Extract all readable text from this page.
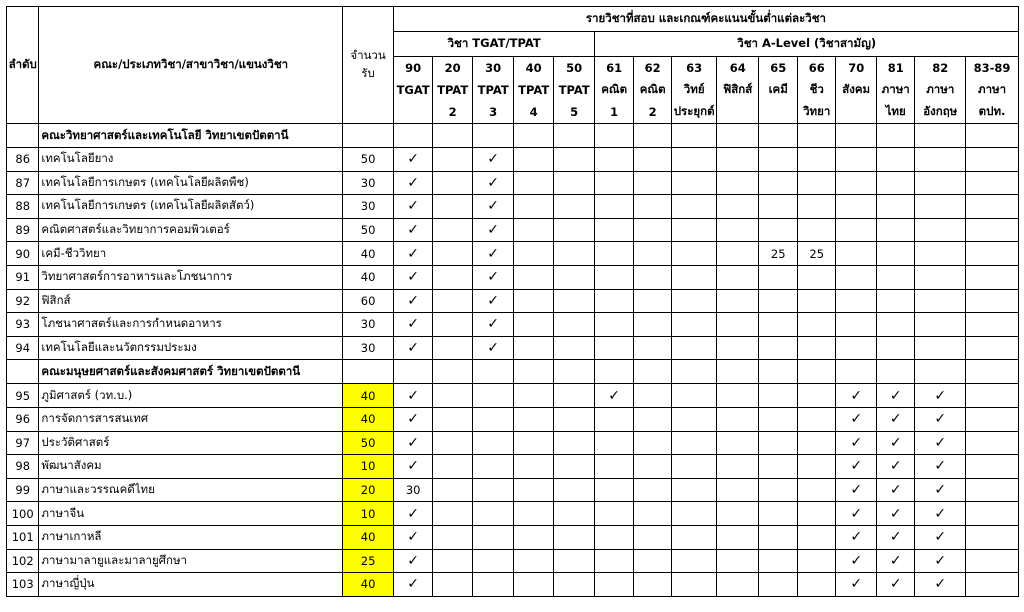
ลำดับ	คณะ/ประเภทวิชา/สาขาวิชา/แขนงวิชา	จำนวน
รับ	รายวิชาที่สอบ และเกณฑ์คะแนนขั้นต่ำแต่ละวิชา														
			วิชา TGAT/TPAT					วิชา A-Level (วิชาสามัญ)									
			90	20	30	40	50	61	62	63	64	65	66	70	81	82	83-89
			TGAT	TPAT	TPAT	TPAT	TPAT	คณิต	คณิต	วิทย์	ฟิสิกส์	เคมี	ชีว	สังคม	ภาษา	ภาษา	ภาษา
				2	3	4	5	1	2	ประยุกต์			วิทยา		ไทย	อังกฤษ	ตปท.
	คณะวิทยาศาสตร์และเทคโนโลยี วิทยาเขตปัตตานี																
86	เทคโนโลยียาง	50	✓		✓												
87	เทคโนโลยีการเกษตร (เทคโนโลยีผลิตพืช)	30	✓		✓												
88	เทคโนโลยีการเกษตร (เทคโนโลยีผลิตสัตว์)	30	✓		✓												
89	คณิตศาสตร์และวิทยาการคอมพิวเตอร์	50	✓		✓												
90	เคมี-ชีววิทยา	40	✓		✓							25	25				
91	วิทยาศาสตร์การอาหารและโภชนาการ	40	✓		✓												
92	ฟิสิกส์	60	✓		✓												
93	โภชนาศาสตร์และการกำหนดอาหาร	30	✓		✓												
94	เทคโนโลยีและนวัตกรรมประมง	30	✓		✓												
	คณะมนุษยศาสตร์และสังคมศาสตร์ วิทยาเขตปัตตานี																
95	ภูมิศาสตร์ (วท.บ.)	40	✓					✓						✓	✓	✓	
96	การจัดการสารสนเทศ	40	✓											✓	✓	✓	
97	ประวัติศาสตร์	50	✓											✓	✓	✓	
98	พัฒนาสังคม	10	✓											✓	✓	✓	
99	ภาษาและวรรณคดีไทย	20	30											✓	✓	✓	
100	ภาษาจีน	10	✓											✓	✓	✓	
101	ภาษาเกาหลี	40	✓											✓	✓	✓	
102	ภาษามาลายูและมาลายูศึกษา	25	✓											✓	✓	✓	
103	ภาษาญี่ปุ่น	40	✓											✓	✓	✓	
